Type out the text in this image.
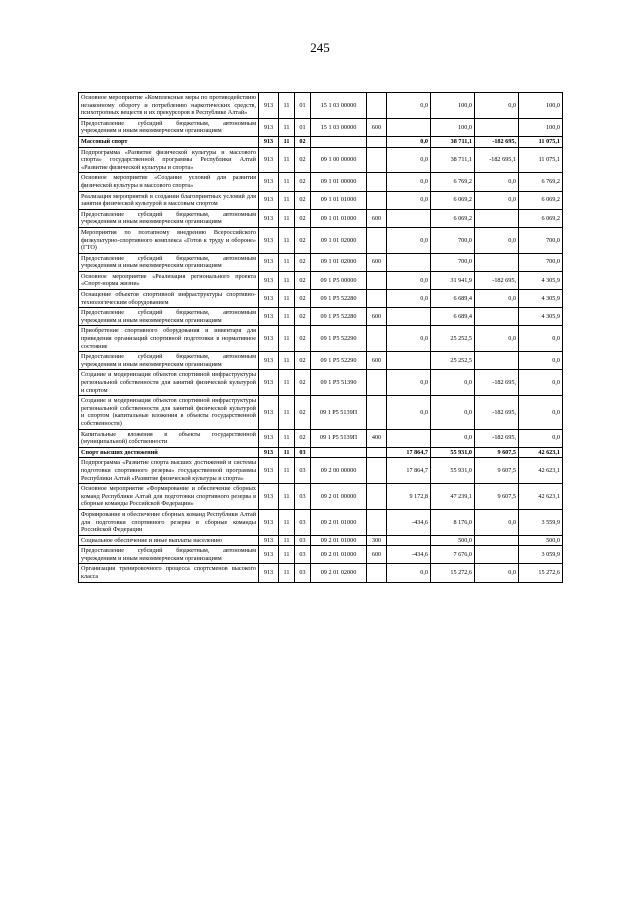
245
Основное мероприятие «Комплексные меры по противодействию незаконному обороту и потреблению наркотических средств, психотропных веществ и их прекурсоров в Республике Алтай»	913	11	01	15 1 03 00000		0,0	100,0	0,0	100,0
Предоставление субсидий бюджетным, автономным учреждениям и иным некоммерческим организациям	913	11	01	15 1 03 00000	600		100,0		100,0
Массовый спорт	913	11	02			0,0	38 711,1	-182 695,	11 075,1
Подпрограмма «Развитие физической культуры и массового спорта» государственной программы Республики Алтай «Развитие физической культуры и спорта»	913	11	02	09 1 00 00000		0,0	38 711,1	-182 695,1	11 075,1
Основное мероприятие «Создание условий для развития физической культуры и массового спорта»	913	11	02	09 1 01 00000		0,0	6 769,2	0,0	6 769,2
Реализация мероприятий в создании благоприятных условий для занятия физической культурой и массовым спортом	913	11	02	09 1 01 01000		0,0	6 069,2	0,0	6 069,2
Предоставление субсидий бюджетным, автономным учреждениям и иным некоммерческим организациям	913	11	02	09 1 01 01000	600		6 069,2		6 069,2
Мероприятия по поэтапному внедрению Всероссийского физкультурно-спортивного комплекса «Готов к труду и обороне» (ГТО)	913	11	02	09 1 01 02000		0,0	700,0	0,0	700,0
Предоставление субсидий бюджетным, автономным учреждениям и иным некоммерческим организациям	913	11	02	09 1 01 02000	600		700,0		700,0
Основное мероприятие «Реализация регионального проекта «Спорт-норма жизни»	913	11	02	09 1 P5 00000		0,0	31 941,9	-182 695,	4 305,9
Оснащение объектов спортивной инфраструктуры спортивно-технологическим оборудованием	913	11	02	09 1 P5 52280		0,0	6 689,4	0,0	4 305,9
Предоставление субсидий бюджетным, автономным учреждениям и иным некоммерческим организациям	913	11	02	09 1 P5 52280	600		6 689,4		4 305,9
Приобретение спортивного оборудования и инвентаря для приведения организаций спортивной подготовки в нормативное состояние	913	11	02	09 1 P5 52290		0,0	25 252,5	0,0	0,0
Предоставление субсидий бюджетным, автономным учреждениям и иным некоммерческим организациям	913	11	02	09 1 P5 52290	600		25 252,5		0,0
Создание и модернизация объектов спортивной инфраструктуры региональной собственности для занятий физической культурой и спортом	913	11	02	09 1 P5 51390		0,0	0,0	-182 695,	0,0
Создание и модернизация объектов спортивной инфраструктуры региональной собственности для занятий физической культурой и спортом (капитальные вложения в объекты государственной собственности)	913	11	02	09 1 P5 5139П		0,0	0,0	-182 695,	0,0
Капитальные вложения в объекты государственной (муниципальной) собственности	913	11	02	09 1 P5 5139П	400		0,0	-182 695,	0,0
Спорт высших достижений	913	11	03			17 864,7	55 931,0	9 607,5	42 623,1
Подпрограмма «Развитие спорта высших достижений и системы подготовки спортивного резерва» государственной программы Республики Алтай «Развитие физической культуры и спорта»	913	11	03	09 2 00 00000		17 864,7	55 931,0	9 607,5	42 623,1
Основное мероприятие «Формирование и обеспечение сборных команд Республики Алтай для подготовки спортивного резерва в сборные команды Российской Федерации»	913	11	03	09 2 01 00000		9 172,8	47 239,1	9 607,5	42 623,1
Формирование и обеспечение сборных команд Республики Алтай для подготовки спортивного резерва в сборные команды Российской Федерации	913	11	03	09 2 01 01000		-434,6	8 176,0	0,0	3 559,9
Социальное обеспечение и иные выплаты населению	913	11	03	09 2 01 01000	300		500,0		500,0
Предоставление субсидий бюджетным, автономным учреждениям и иным некоммерческим организациям	913	11	03	09 2 01 01000	600	-434,6	7 676,0		3 059,9
Организация тренировочного процесса спортсменов высокого класса	913	11	03	09 2 01 02000		0,0	15 272,6	0,0	15 272,6
